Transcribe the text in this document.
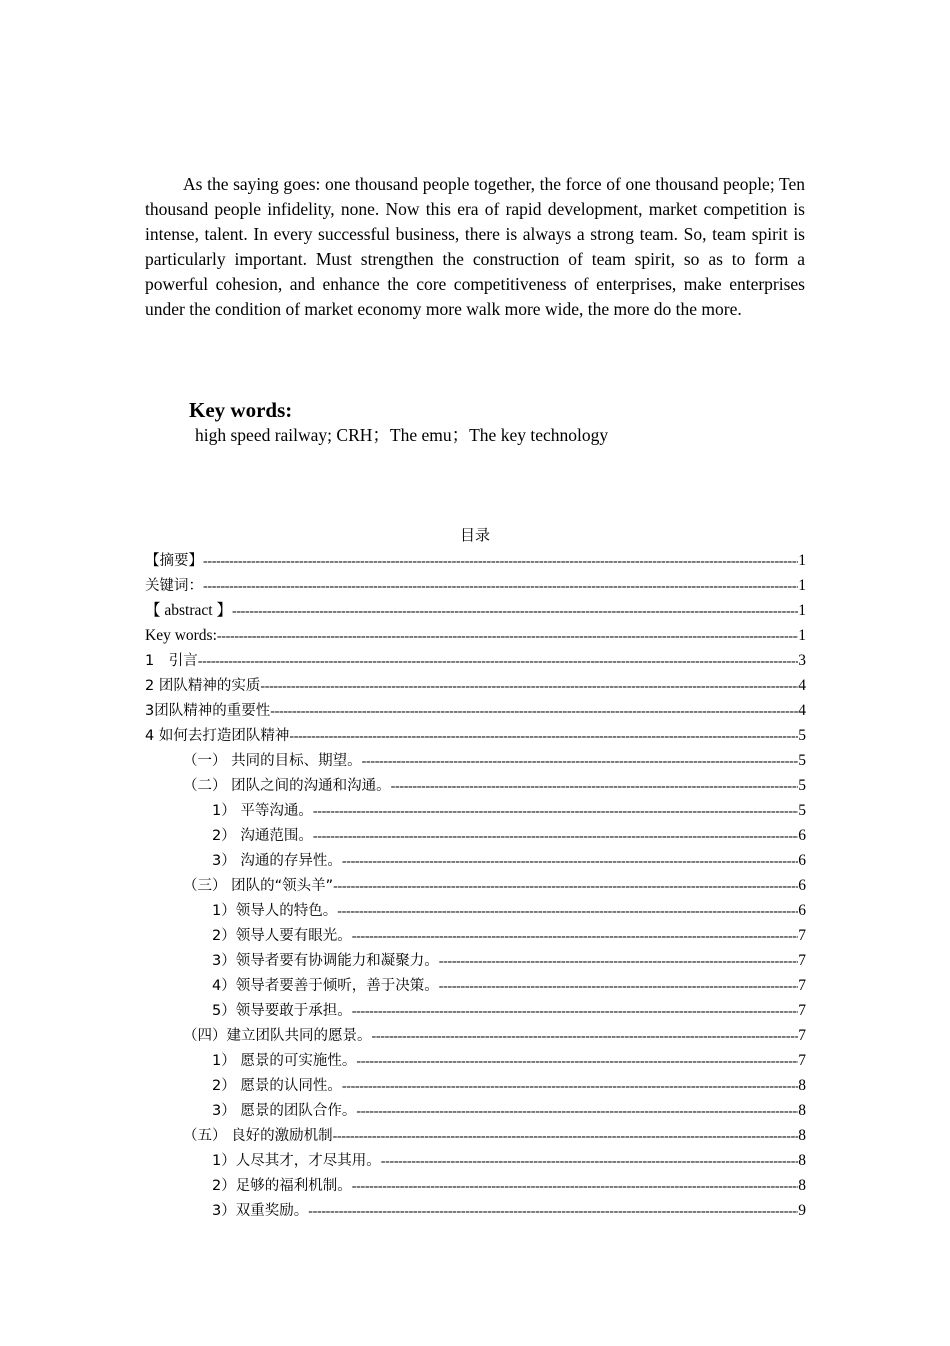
As the saying goes: one thousand people together, the force of one thousand people; Ten thousand people infidelity, none. Now this era of rapid development, market competition is intense, talent. In every successful business, there is always a strong team. So, team spirit is particularly important. Must strengthen the construction of team spirit, so as to form a powerful cohesion, and enhance the core competitiveness of enterprises, make enterprises under the condition of market economy more walk more wide, the more do the more.

Key words:

high speed railway; CRH；The emu；The key technology

目录
【摘要】 -----	1
关键词： -----	1
【 abstract 】 -----	1
Key words: -----	1
1　引言 -----	3
2 团队精神的实质 -----	4
3团队精神的重要性 -----	4
4 如何去打造团队精神 -----	5
（一） 共同的目标、期望。 -----	5
（二） 团队之间的沟通和沟通。 -----	5
1） 平等沟通。 -----	5
2） 沟通范围。 -----	6
3） 沟通的存异性。 -----	6
（三） 团队的“领头羊” -----	6
1）领导人的特色。 -----	6
2）领导人要有眼光。 -----	7
3）领导者要有协调能力和凝聚力。 -----	7
4）领导者要善于倾听，善于决策。 -----	7
5）领导要敢于承担。 -----	7
（四）建立团队共同的愿景。 -----	7
1） 愿景的可实施性。 -----	7
2） 愿景的认同性。 -----	8
3） 愿景的团队合作。 -----	8
（五） 良好的激励机制 -----	8
1）人尽其才，才尽其用。 -----	8
2）足够的福利机制。 -----	8
3）双重奖励。 -----	9
